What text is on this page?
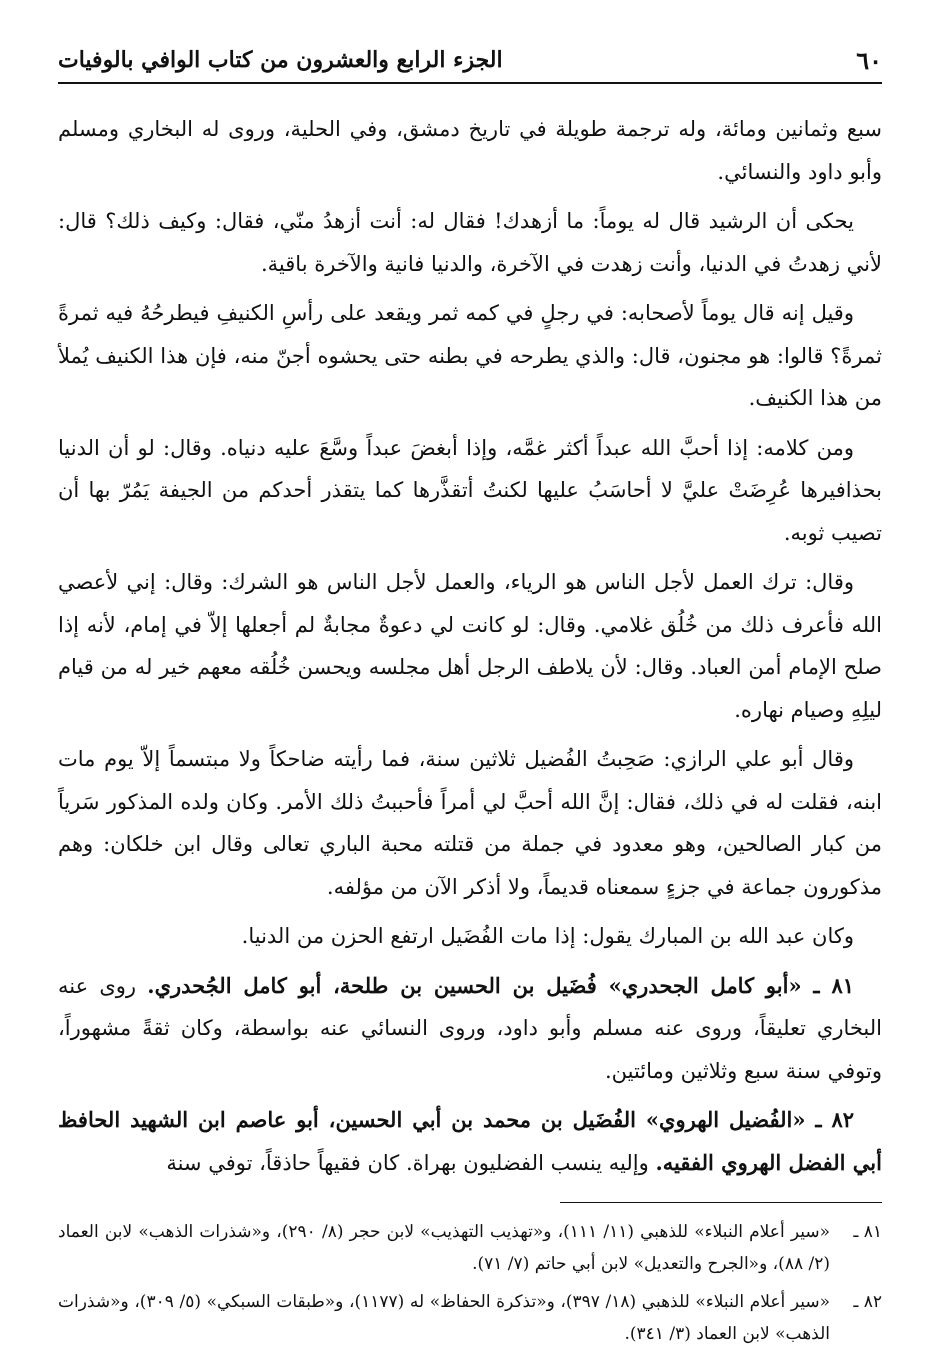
٦٠
الجزء الرابع والعشرون من كتاب الوافي بالوفيات

سبع وثمانين ومائة، وله ترجمة طويلة في تاريخ دمشق، وفي الحلية، وروى له البخاري ومسلم وأبو داود والنسائي.

يحكى أن الرشيد قال له يوماً: ما أزهدك! فقال له: أنت أزهدُ منّي، فقال: وكيف ذلك؟ قال: لأني زهدتُ في الدنيا، وأنت زهدت في الآخرة، والدنيا فانية والآخرة باقية.

وقيل إنه قال يوماً لأصحابه: في رجلٍ في كمه ثمر ويقعد على رأسِ الكنيفِ فيطرحُهُ فيه ثمرةً ثمرةً؟ قالوا: هو مجنون، قال: والذي يطرحه في بطنه حتى يحشوه أجنّ منه، فإن هذا الكنيف يُملأ من هذا الكنيف.

ومن كلامه: إذا أحبَّ الله عبداً أكثر غمَّه، وإذا أبغضَ عبداً وسَّعَ عليه دنياه. وقال: لو أن الدنيا بحذافيرها عُرِضَتْ عليَّ لا أحاسَبُ عليها لكنتُ أتقذَّرها كما يتقذر أحدكم من الجيفة يَمُرّ بها أن تصيب ثوبه.

وقال: ترك العمل لأجل الناس هو الرياء، والعمل لأجل الناس هو الشرك: وقال: إني لأعصي الله فأعرف ذلك من خُلُق غلامي. وقال: لو كانت لي دعوةٌ مجابةٌ لم أجعلها إلاّ في إمام، لأنه إذا صلح الإمام أمن العباد. وقال: لأن يلاطف الرجل أهل مجلسه ويحسن خُلُقه معهم خير له من قيام ليلِهِ وصيام نهاره.

وقال أبو علي الرازي: صَحِبتُ الفُضيل ثلاثين سنة، فما رأيته ضاحكاً ولا مبتسماً إلاّ يوم مات ابنه، فقلت له في ذلك، فقال: إنَّ الله أحبَّ لي أمراً فأحببتُ ذلك الأمر. وكان ولده المذكور سَرياً من كبار الصالحين، وهو معدود في جملة من قتلته محبة الباري تعالى وقال ابن خلكان: وهم مذكورون جماعة في جزءٍ سمعناه قديماً، ولا أذكر الآن من مؤلفه.

وكان عبد الله بن المبارك يقول: إذا مات الفُضَيل ارتفع الحزن من الدنيا.

٨١ ـ «أبو كامل الجحدري» فُضَيل بن الحسين بن طلحة، أبو كامل الجُحدري. روى عنه البخاري تعليقاً، وروى عنه مسلم وأبو داود، وروى النسائي عنه بواسطة، وكان ثقةً مشهوراً، وتوفي سنة سبع وثلاثين ومائتين.

٨٢ ـ «الفُضيل الهروي» الفُضَيل بن محمد بن أبي الحسين، أبو عاصم ابن الشهيد الحافظ أبي الفضل الهروي الفقيه. وإليه ينسب الفضليون بهراة. كان فقيهاً حاذقاً، توفي سنة

٨١ ـ
«سير أعلام النبلاء» للذهبي (١١/ ١١١)، و«تهذيب التهذيب» لابن حجر (٨/ ٢٩٠)، و«شذرات الذهب» لابن العماد (٢/ ٨٨)، و«الجرح والتعديل» لابن أبي حاتم (٧/ ٧١).
٨٢ ـ
«سير أعلام النبلاء» للذهبي (١٨/ ٣٩٧)، و«تذكرة الحفاظ» له (١١٧٧)، و«طبقات السبكي» (٥/ ٣٠٩)، و«شذرات الذهب» لابن العماد (٣/ ٣٤١).
